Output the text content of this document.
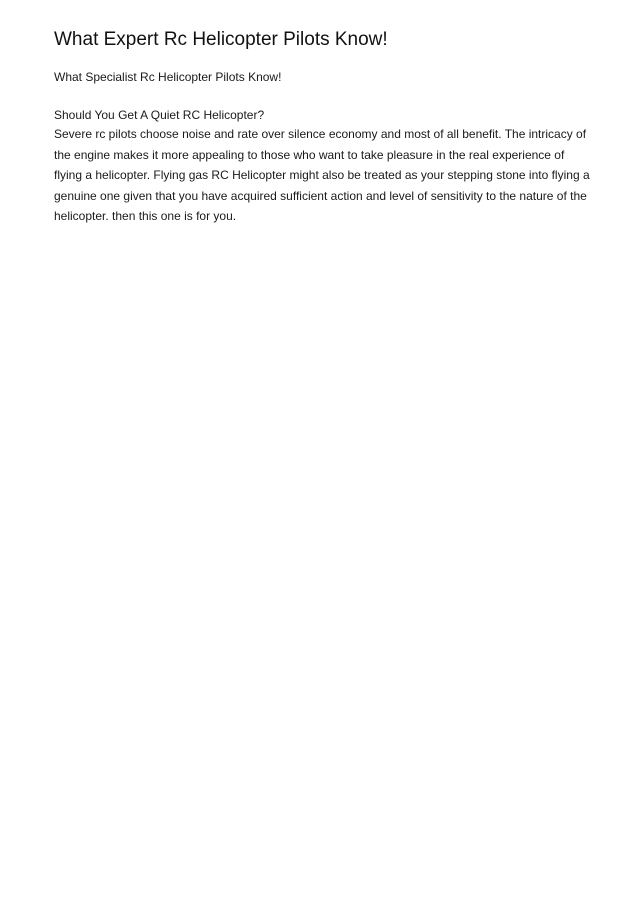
What Expert Rc Helicopter Pilots Know!

What Specialist Rc Helicopter Pilots Know!

Should You Get A Quiet RC Helicopter?

Severe rc pilots choose noise and rate over silence economy and most of all benefit. The intricacy of the engine makes it more appealing to those who want to take pleasure in the real experience of flying a helicopter. Flying gas RC Helicopter might also be treated as your stepping stone into flying a genuine one given that you have acquired sufficient action and level of sensitivity to the nature of the helicopter. then this one is for you.
